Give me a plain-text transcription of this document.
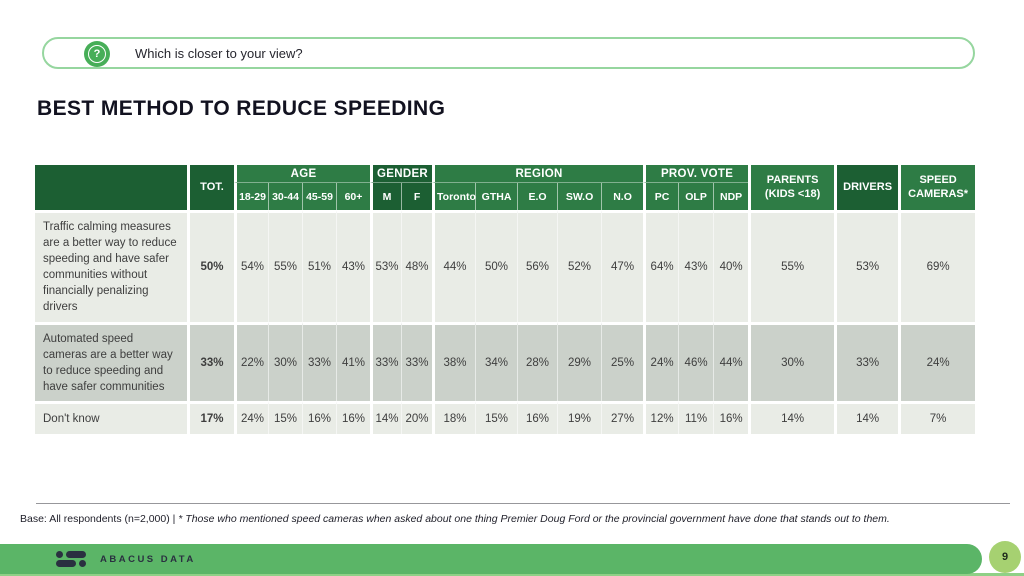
?	Which is closer to your view?
BEST METHOD TO REDUCE SPEEDING
	TOT.	AGE				GENDER		REGION					PROV. VOTE			PARENTS (KIDS <18)	DRIVERS	SPEED CAMERAS*
		18-29	30-44	45-59	60+	M	F	Toronto	GTHA	E.O	SW.O	N.O	PC	OLP	NDP			
Traffic calming measures are a better way to reduce speeding and have safer communities without financially penalizing drivers	50%	54%	55%	51%	43%	53%	48%	44%	50%	56%	52%	47%	64%	43%	40%	55%	53%	69%
Automated speed cameras are a better way to reduce speeding and have safer communities	33%	22%	30%	33%	41%	33%	33%	38%	34%	28%	29%	25%	24%	46%	44%	30%	33%	24%
Don't know	17%	24%	15%	16%	16%	14%	20%	18%	15%	16%	19%	27%	12%	11%	16%	14%	14%	7%
Base: All respondents (n=2,000) | * Those who mentioned speed cameras when asked about one thing Premier Doug Ford or the provincial government have done that stands out to them.
ABACUS DATA	9
